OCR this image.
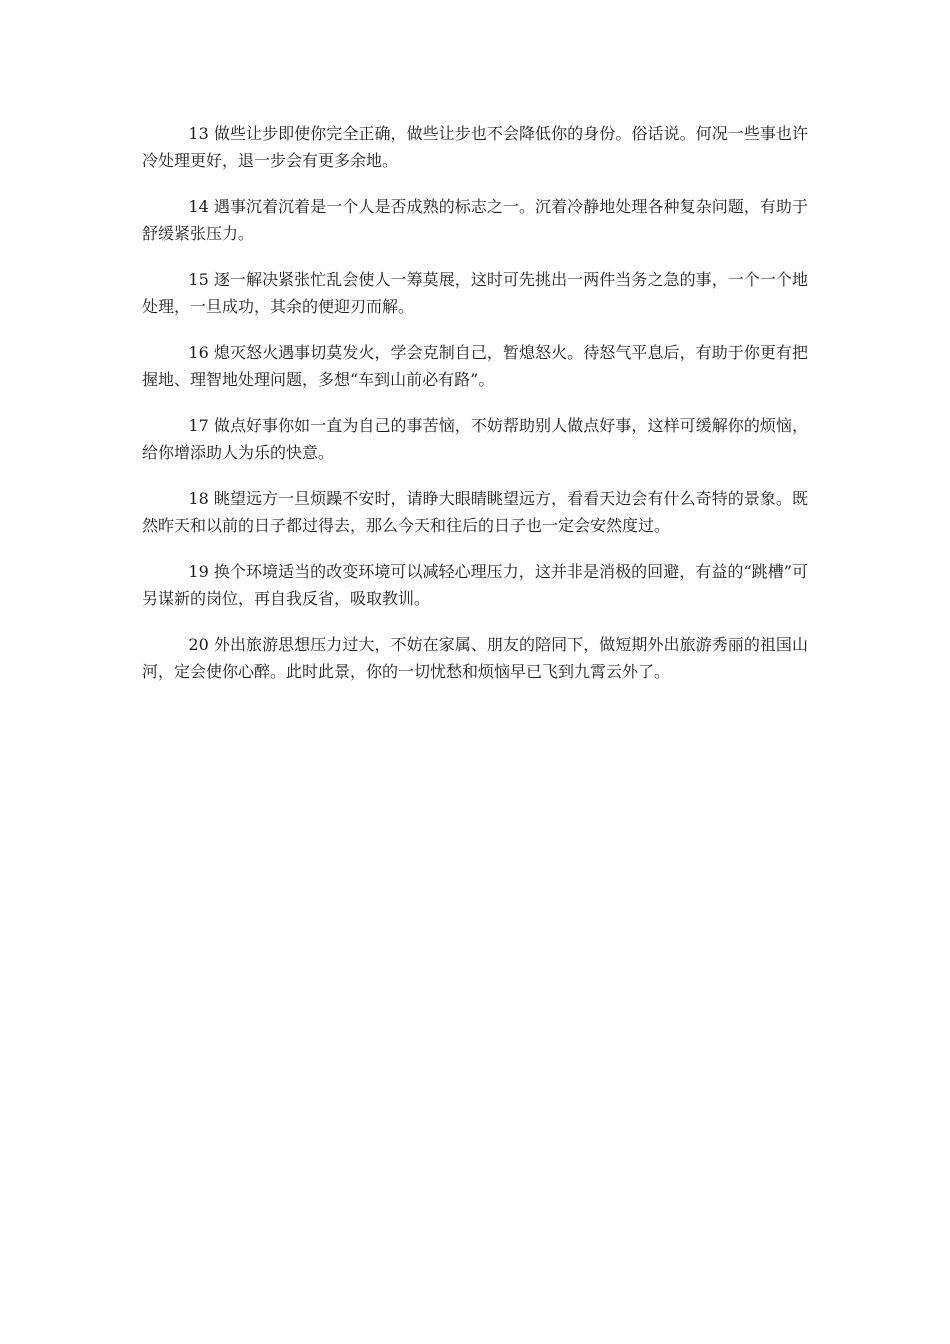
13 做些让步即使你完全正确，做些让步也不会降低你的身份。俗话说。何况一些事也许冷处理更好，退一步会有更多余地。

14 遇事沉着沉着是一个人是否成熟的标志之一。沉着冷静地处理各种复杂问题，有助于舒缓紧张压力。

15 逐一解决紧张忙乱会使人一筹莫展，这时可先挑出一两件当务之急的事，一个一个地处理，一旦成功，其余的便迎刃而解。

16 熄灭怒火遇事切莫发火，学会克制自己，暂熄怒火。待怒气平息后，有助于你更有把握地、理智地处理问题，多想“车到山前必有路”。

17 做点好事你如一直为自己的事苦恼，不妨帮助别人做点好事，这样可缓解你的烦恼，给你增添助人为乐的快意。

18 眺望远方一旦烦躁不安时，请睁大眼睛眺望远方，看看天边会有什么奇特的景象。既然昨天和以前的日子都过得去，那么今天和往后的日子也一定会安然度过。

19 换个环境适当的改变环境可以减轻心理压力，这并非是消极的回避，有益的“跳槽”可另谋新的岗位，再自我反省，吸取教训。

20 外出旅游思想压力过大，不妨在家属、朋友的陪同下，做短期外出旅游秀丽的祖国山河，定会使你心醉。此时此景，你的一切忧愁和烦恼早已飞到九霄云外了。
